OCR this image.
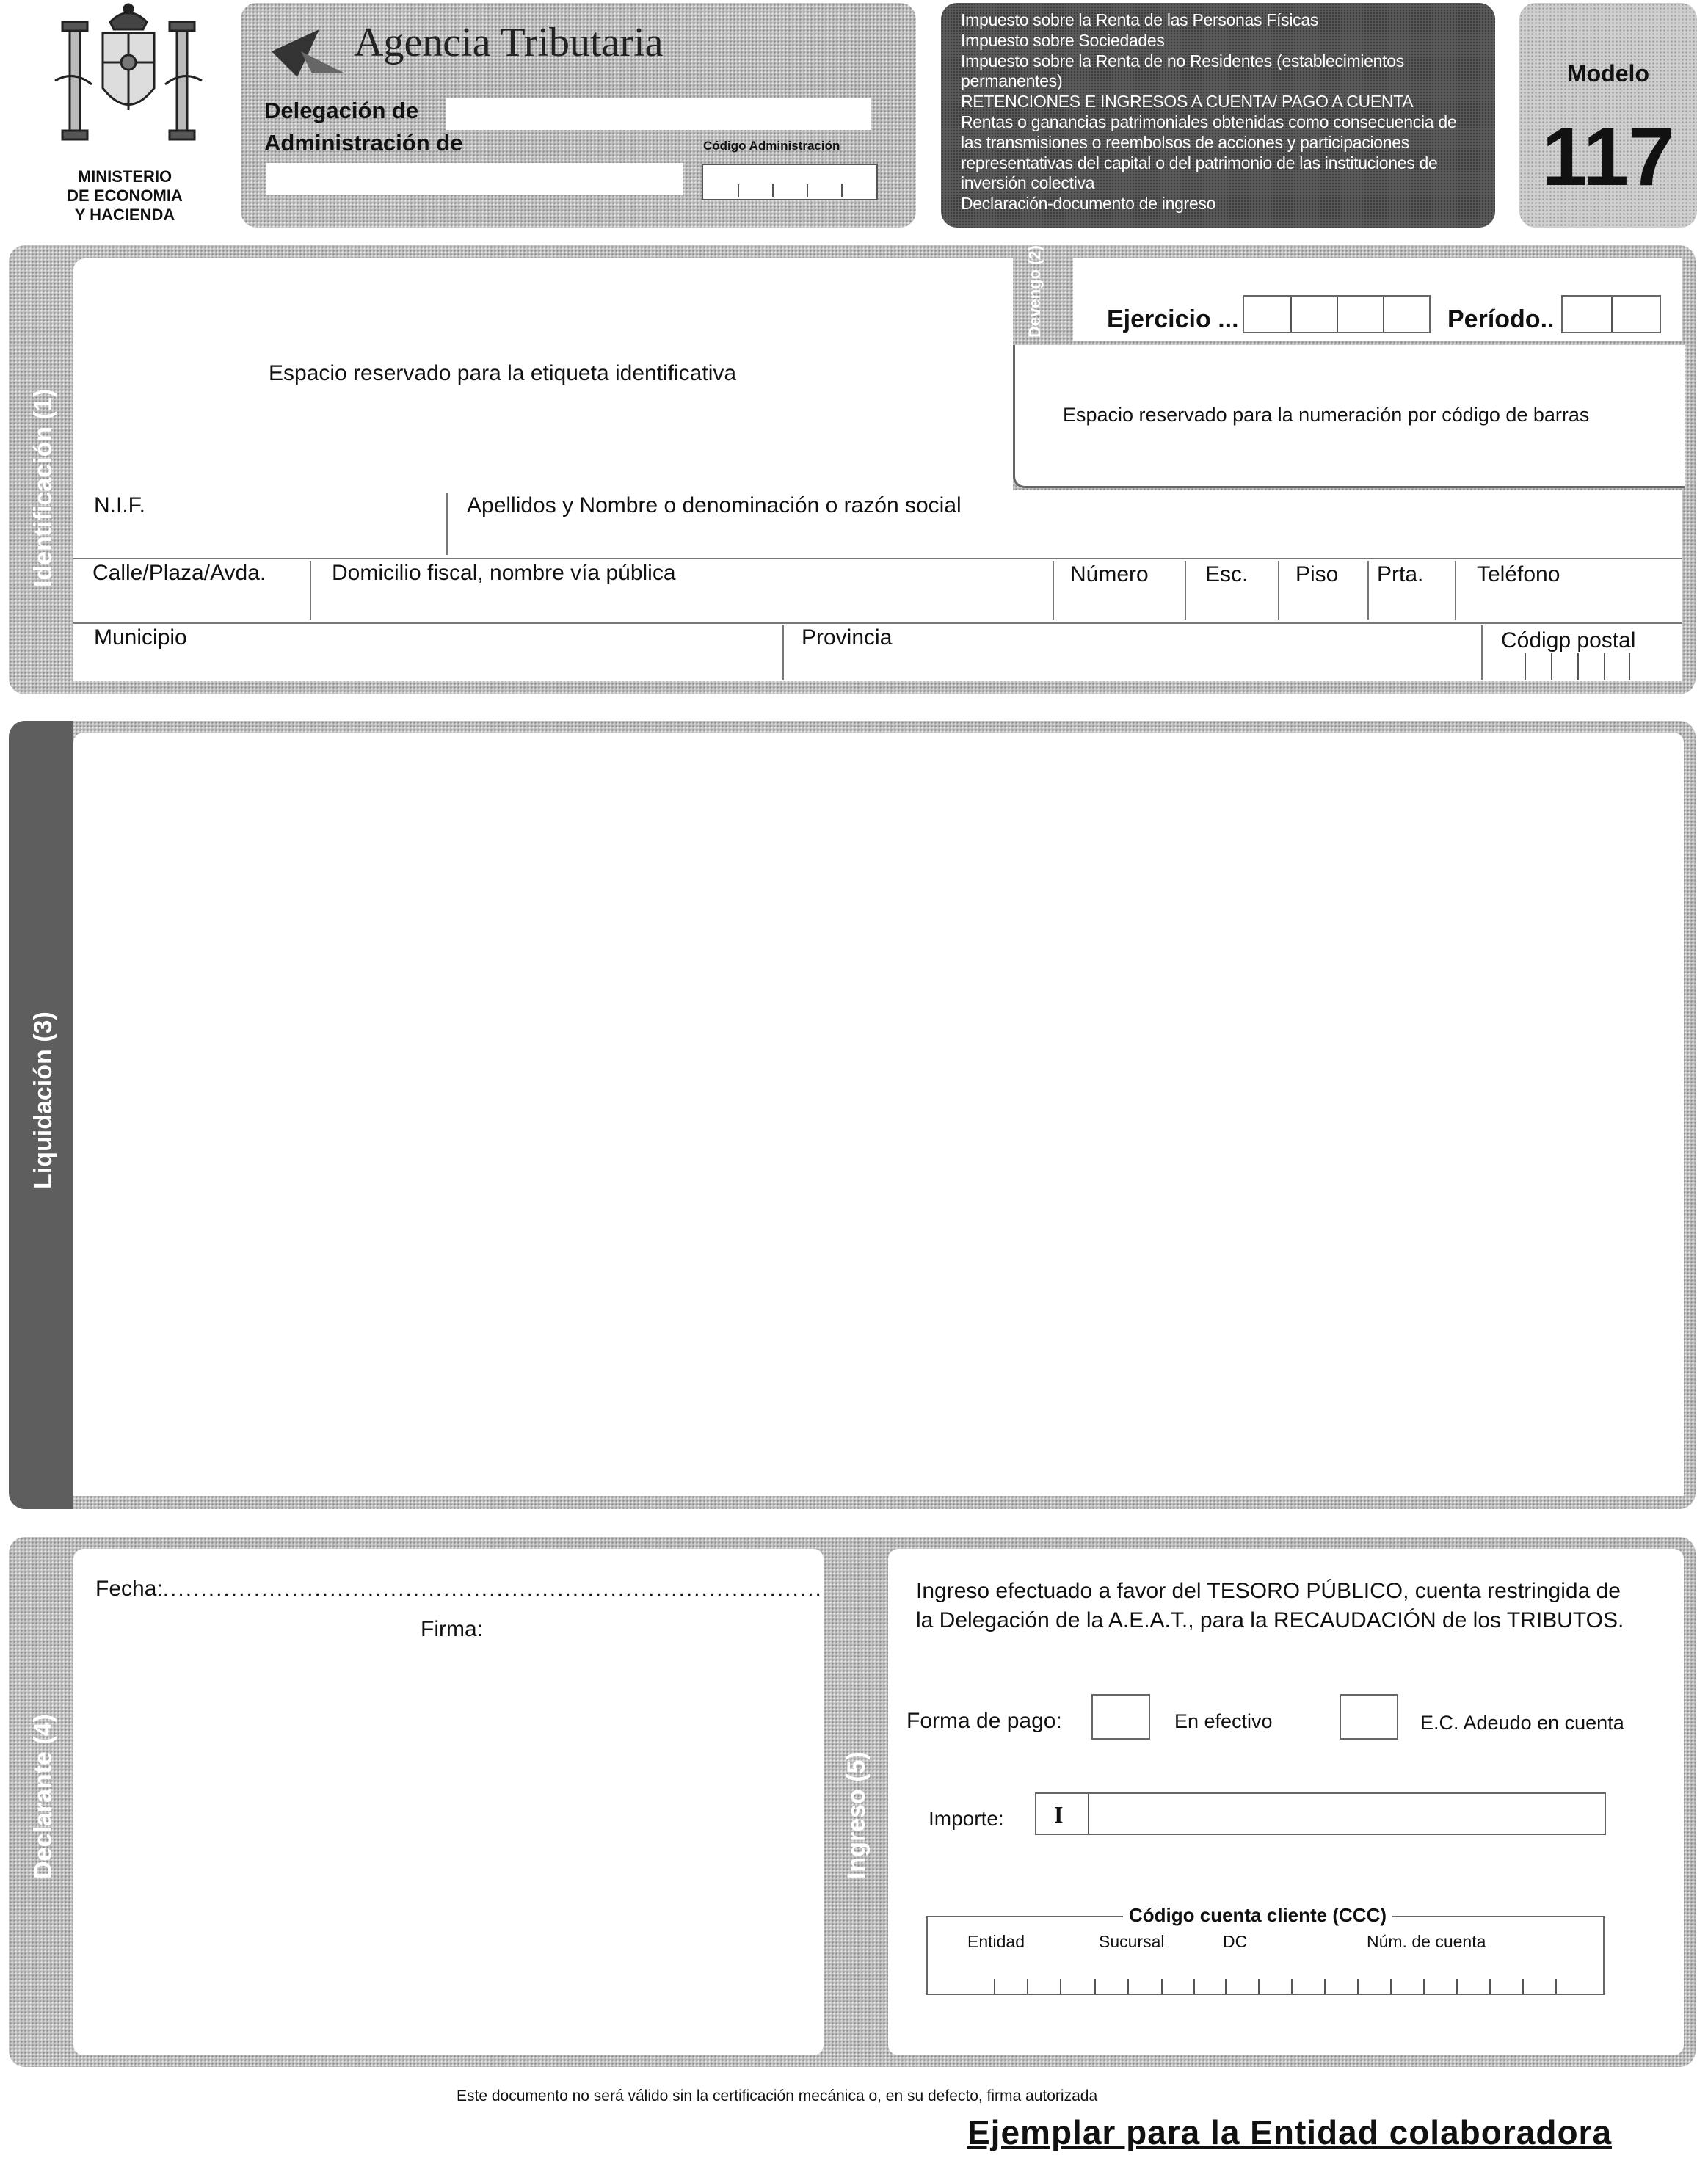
MINISTERIO
DE ECONOMIA
Y HACIENDA
Agencia Tributaria
Delegación de
Administración de	Código Administración
Impuesto sobre la Renta de las Personas Físicas
Impuesto sobre Sociedades
Impuesto sobre la Renta de no Residentes (establecimientos
permanentes)
RETENCIONES E INGRESOS A CUENTA/ PAGO A CUENTA
Rentas o ganancias patrimoniales obtenidas como consecuencia de
las transmisiones o reembolsos de acciones y participaciones
representativas del capital o del patrimonio de las instituciones de
inversión colectiva
Declaración-documento de ingreso
Modelo
117
Identificación (1)
Espacio reservado para la etiqueta identificativa
Devengo (2)	Ejercicio ...	Período..
Espacio reservado para la numeración por código de barras
N.I.F.	Apellidos y Nombre o denominación o razón social
Calle/Plaza/Avda.	Domicilio fiscal, nombre vía pública	Número	Esc. Piso Prta. Teléfono
Municipio	Provincia	Códigp postal
Liquidación (3)
Declarante (4)
Fecha:.......................................................................................
Firma:
Ingreso (5)
Ingreso efectuado a favor del TESORO PÚBLICO, cuenta restringida de
la Delegación de la A.E.A.T., para la RECAUDACIÓN de los TRIBUTOS.
Forma de pago:	En efectivo	E.C. Adeudo en cuenta
Importe: I
Código cuenta cliente (CCC)
Entidad	Sucursal	DC	Núm. de cuenta
Este documento no será válido sin la certificación mecánica o, en su defecto, firma autorizada
Ejemplar para la Entidad colaboradora
